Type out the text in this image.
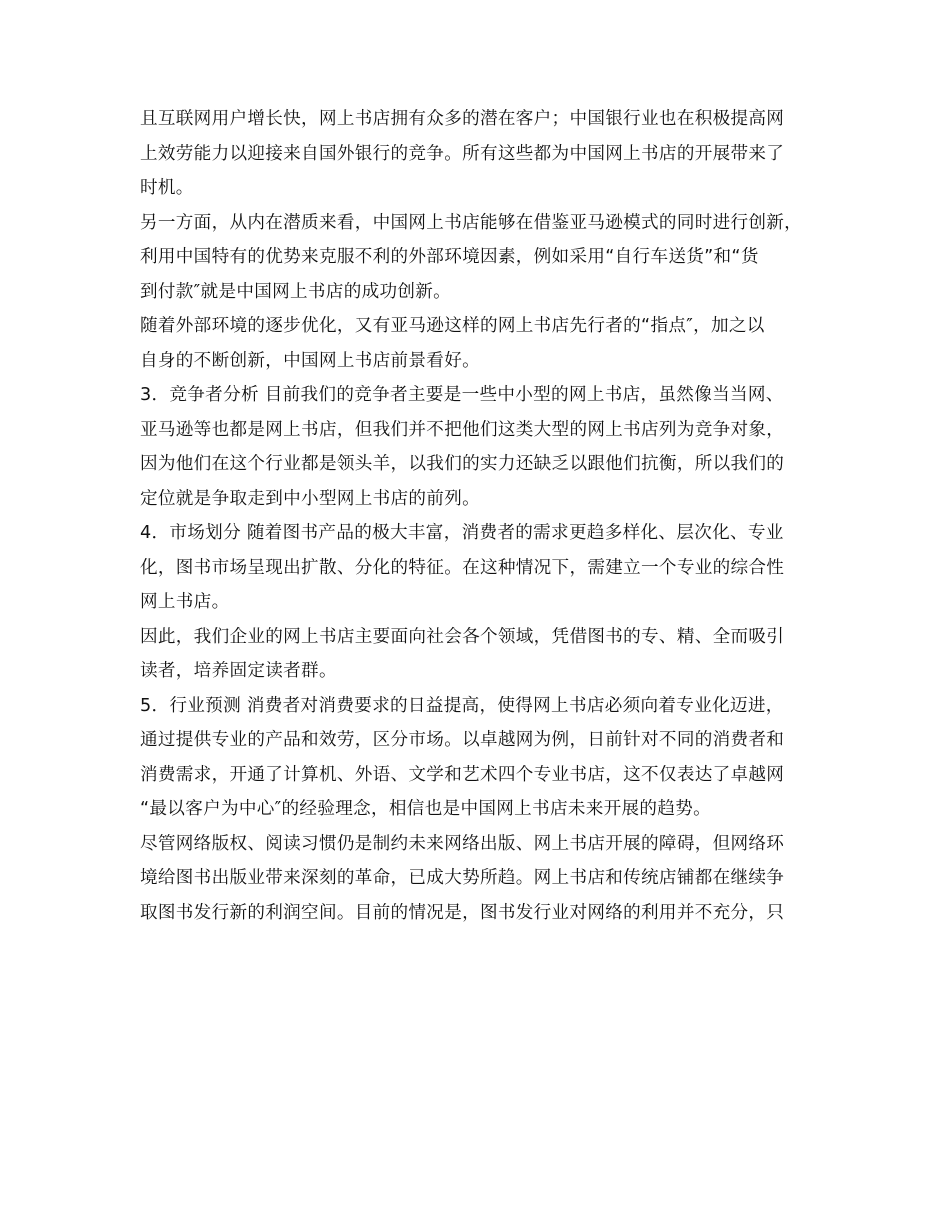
且互联网用户增长快，网上书店拥有众多的潜在客户；中国银行业也在积极提高网
上效劳能力以迎接来自国外银行的竞争。所有这些都为中国网上书店的开展带来了
时机。

另一方面，从内在潜质来看，中国网上书店能够在借鉴亚马逊模式的同时进行创新，
利用中国特有的优势来克服不利的外部环境因素，例如采用“自行车送货”和“货
到付款″就是中国网上书店的成功创新。

随着外部环境的逐步优化，又有亚马逊这样的网上书店先行者的“指点″，加之以
自身的不断创新，中国网上书店前景看好。

3．竞争者分析 目前我们的竞争者主要是一些中小型的网上书店，虽然像当当网、
亚马逊等也都是网上书店，但我们并不把他们这类大型的网上书店列为竞争对象，
因为他们在这个行业都是领头羊，以我们的实力还缺乏以跟他们抗衡，所以我们的
定位就是争取走到中小型网上书店的前列。

4．市场划分 随着图书产品的极大丰富，消费者的需求更趋多样化、层次化、专业
化，图书市场呈现出扩散、分化的特征。在这种情况下，需建立一个专业的综合性
网上书店。

因此，我们企业的网上书店主要面向社会各个领域，凭借图书的专、精、全而吸引
读者，培养固定读者群。

5．行业预测 消费者对消费要求的日益提高，使得网上书店必须向着专业化迈进，
通过提供专业的产品和效劳，区分市场。以卓越网为例，日前针对不同的消费者和
消费需求，开通了计算机、外语、文学和艺术四个专业书店，这不仅表达了卓越网
“最以客户为中心″的经验理念，相信也是中国网上书店未来开展的趋势。

尽管网络版权、阅读习惯仍是制约未来网络出版、网上书店开展的障碍，但网络环
境给图书出版业带来深刻的革命，已成大势所趋。网上书店和传统店铺都在继续争
取图书发行新的利润空间。目前的情况是，图书发行业对网络的利用并不充分，只
